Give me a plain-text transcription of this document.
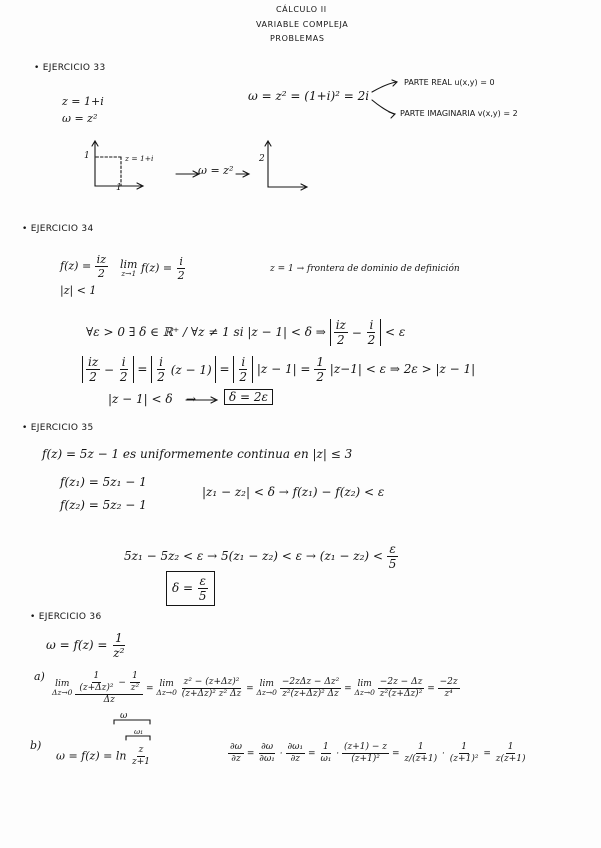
CÁLCULO II
VARIABLE COMPLEJA
PROBLEMAS
• EJERCICIO 33
z = 1+i
ω = z²
ω = z² = (1+i)² = 2i
PARTE REAL u(x,y) = 0
PARTE IMAGINARIA v(x,y) = 2
1
1
z = 1+i
ω = z²
2
• EJERCICIO 34
$f(z) = \frac{iz}{2}$
|z| < 1
lim
z→1 $f(z) = \frac{i}{2}$	z = 1 → frontera de dominio de definición
∀ε > 0 ∃ δ ∈ ℝ⁺ / ∀z ≠ 1 si |z − 1| < δ ⇒ $\frac{iz}{2} - \frac{i}{2} < \varepsilon$
$\frac{iz}{2} - \frac{i}{2} = \frac{i}{2}$
$(z - 1) = \frac{i}{2} |z - 1| = \frac{1}{2} |z-1| < \varepsilon$ ⇒ 2ε > |z − 1|
|z − 1| < δ →	δ = 2ε
• EJERCICIO 35
f(z) = 5z − 1 es uniformemente continua en |z| ≤ 3
f(z₁) = 5z₁ − 1
f(z₂) = 5z₂ − 1
|z₁ − z₂| < δ → f(z₁) − f(z₂) < ε
$5z_1 - 5z_2 < \varepsilon \to 5(z_1 - z_2) < \varepsilon \to (z_1 - z_2) < \frac{\varepsilon}{5}$
$\delta = \frac{\varepsilon}{5}$
• EJERCICIO 36
$\omega = f(z) = \frac{1}{\text{z²}}$
a)
lim
Δz→0
$\frac{\frac{1}{\text{(z+Δz)²}} - \frac{1}{\text{z²}}}{\Delta z} = \lim$
Δz→0
$\frac{\text{z² − (z+Δz)²}}{\text{(z+Δz)² z² Δz}} = \lim$
Δz→0
$\frac{\text{−2zΔz − Δz²}}{\text{z²(z+Δz)² Δz}} = \lim$
Δz→0
$\frac{-2z - \Delta z}{\text{z²(z+Δz)²}} = \frac{-2z}{\text{z⁴}}$
b)
ω
ω₁
$\omega = f(z) = \ln \frac{z}{z+1}$	$\frac{\partial\omega}{\partial z} = \frac{\partial\omega}{\text{∂ω₁}} \cdot \frac{\text{∂ω₁}}{\partial z} = \frac{1}{\text{ω₁}} \cdot \frac{(z+1) - z}{\text{(z+1)²}} = \frac{1}{z/(z+1)} \cdot \frac{1}{\text{(z+1)²}} = \frac{1}{z(z+1)}$
